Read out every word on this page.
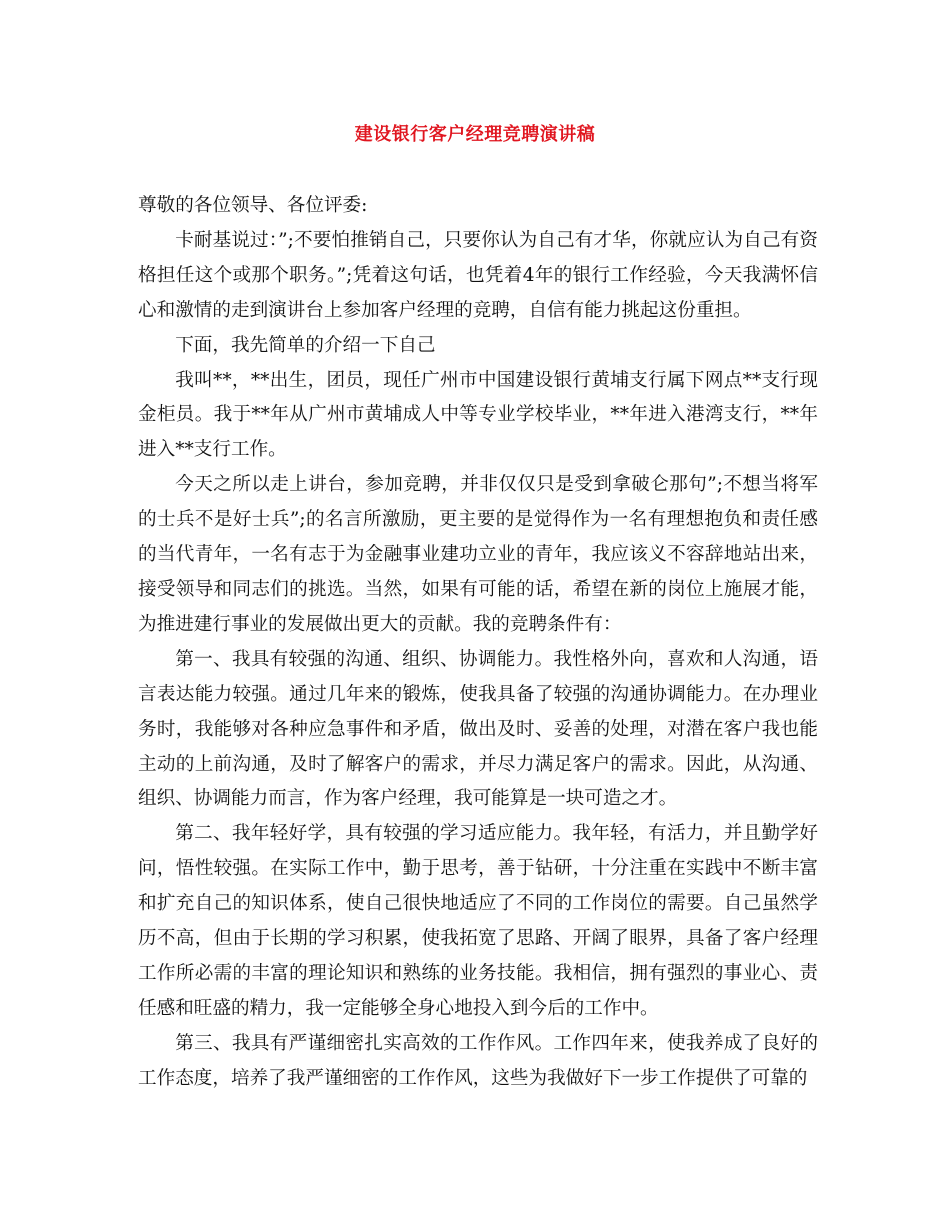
建设银行客户经理竞聘演讲稿

尊敬的各位领导、各位评委:

卡耐基说过：”;不要怕推销自己，只要你认为自己有才华，你就应认为自己有资格担任这个或那个职务。”;凭着这句话，也凭着4年的银行工作经验，今天我满怀信心和激情的走到演讲台上参加客户经理的竞聘，自信有能力挑起这份重担。

下面，我先简单的介绍一下自己

我叫**，**出生，团员，现任广州市中国建设银行黄埔支行属下网点**支行现金柜员。我于**年从广州市黄埔成人中等专业学校毕业，**年进入港湾支行，**年进入**支行工作。

今天之所以走上讲台，参加竞聘，并非仅仅只是受到拿破仑那句”;不想当将军的士兵不是好士兵”;的名言所激励，更主要的是觉得作为一名有理想抱负和责任感的当代青年，一名有志于为金融事业建功立业的青年，我应该义不容辞地站出来，接受领导和同志们的挑选。当然，如果有可能的话，希望在新的岗位上施展才能，为推进建行事业的发展做出更大的贡献。我的竞聘条件有：

第一、我具有较强的沟通、组织、协调能力。我性格外向，喜欢和人沟通，语言表达能力较强。通过几年来的锻炼，使我具备了较强的沟通协调能力。在办理业务时，我能够对各种应急事件和矛盾，做出及时、妥善的处理，对潜在客户我也能主动的上前沟通，及时了解客户的需求，并尽力满足客户的需求。因此，从沟通、组织、协调能力而言，作为客户经理，我可能算是一块可造之才。

第二、我年轻好学，具有较强的学习适应能力。我年轻，有活力，并且勤学好问，悟性较强。在实际工作中，勤于思考，善于钻研，十分注重在实践中不断丰富和扩充自己的知识体系，使自己很快地适应了不同的工作岗位的需要。自己虽然学历不高，但由于长期的学习积累，使我拓宽了思路、开阔了眼界，具备了客户经理工作所必需的丰富的理论知识和熟练的业务技能。我相信，拥有强烈的事业心、责任感和旺盛的精力，我一定能够全身心地投入到今后的工作中。

第三、我具有严谨细密扎实高效的工作作风。工作四年来，使我养成了良好的工作态度，培养了我严谨细密的工作作风，这些为我做好下一步工作提供了可靠的
